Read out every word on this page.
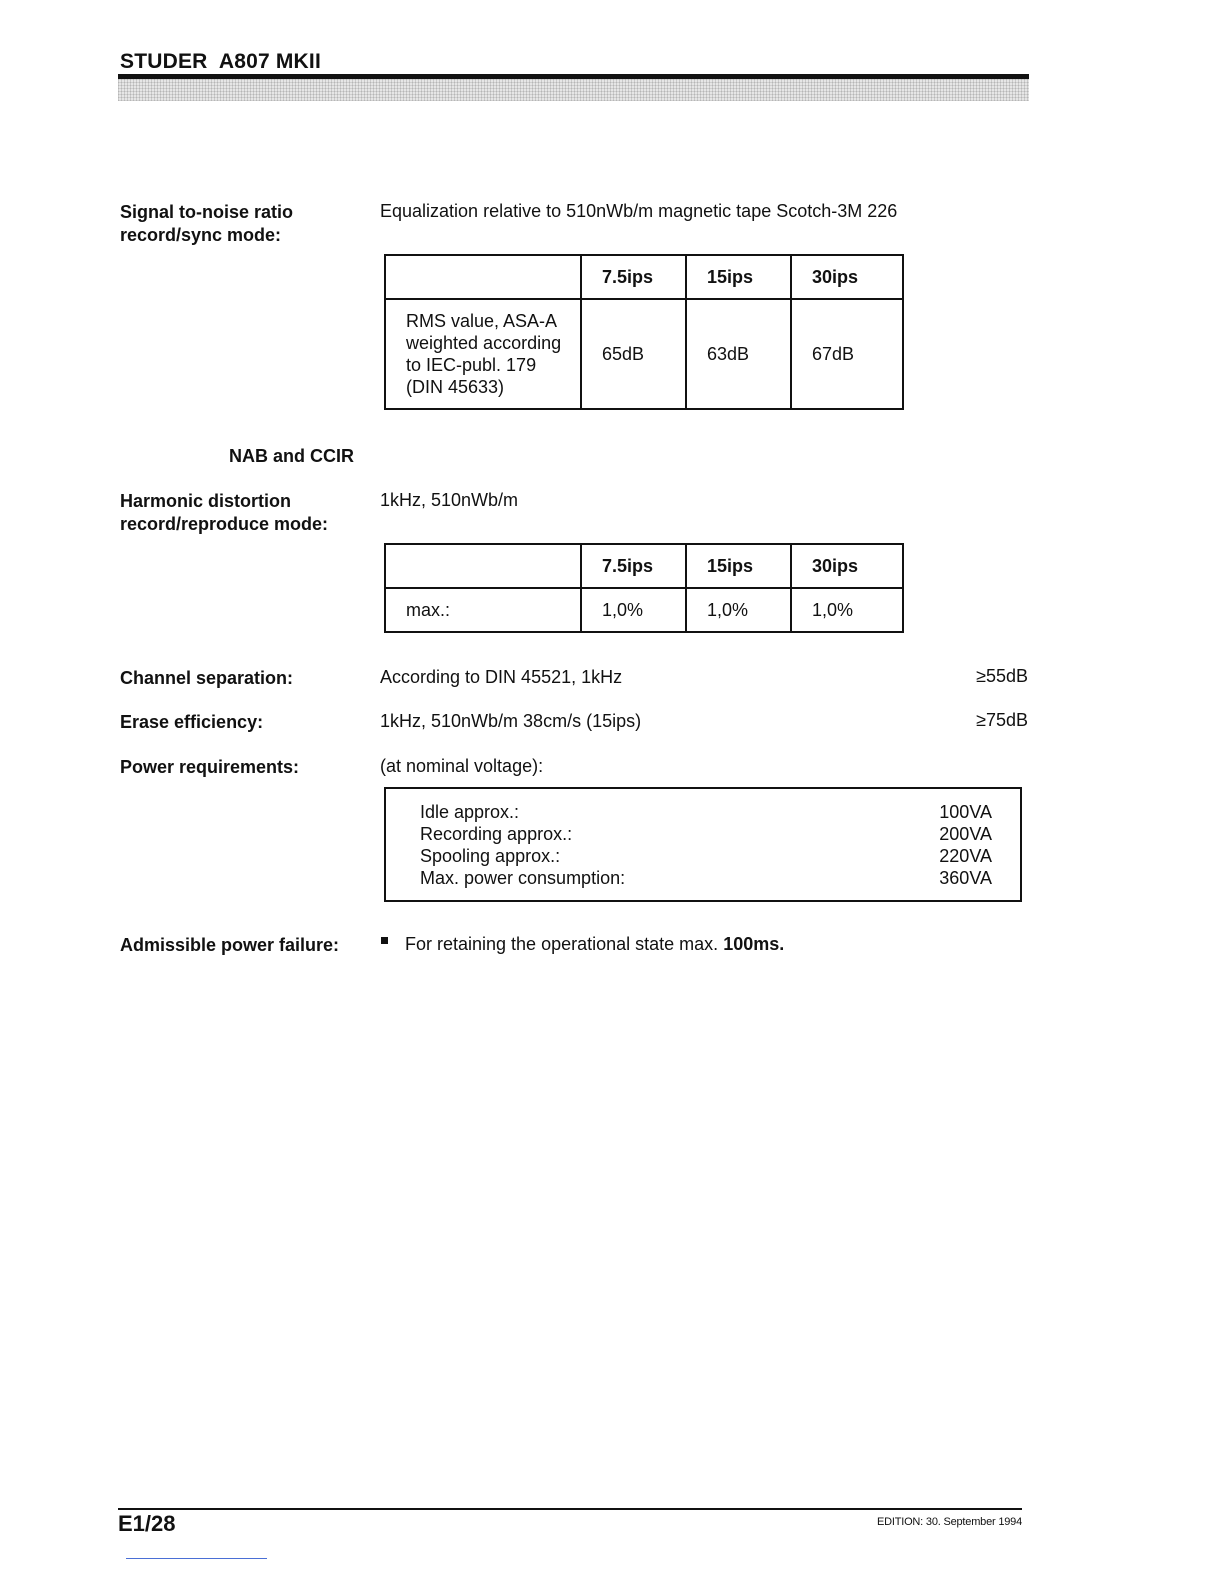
STUDER  A807 MKII
Signal to-noise ratio
record/sync mode:
Equalization relative to 510nWb/m magnetic tape Scotch-3M 226
	7.5ips	15ips	30ips

RMS value, ASA-A
weighted according
to IEC-publ. 179
(DIN 45633)	65dB	63dB	67dB
NAB and CCIR
Harmonic distortion
record/reproduce mode:
1kHz, 510nWb/m
	7.5ips	15ips	30ips
max.:	1,0%	1,0%	1,0%
Channel separation:	According to DIN 45521, 1kHz	≥55dB
Erase efficiency:	1kHz, 510nWb/m 38cm/s (15ips)	≥75dB
Power requirements:	(at nominal voltage):
Idle approx.:	100VA
Recording approx.:	200VA
Spooling approx.:	220VA
Max. power consumption:	360VA
Admissible power failure:	For retaining the operational state max. 100ms.
E1/28	EDITION: 30. September 1994
